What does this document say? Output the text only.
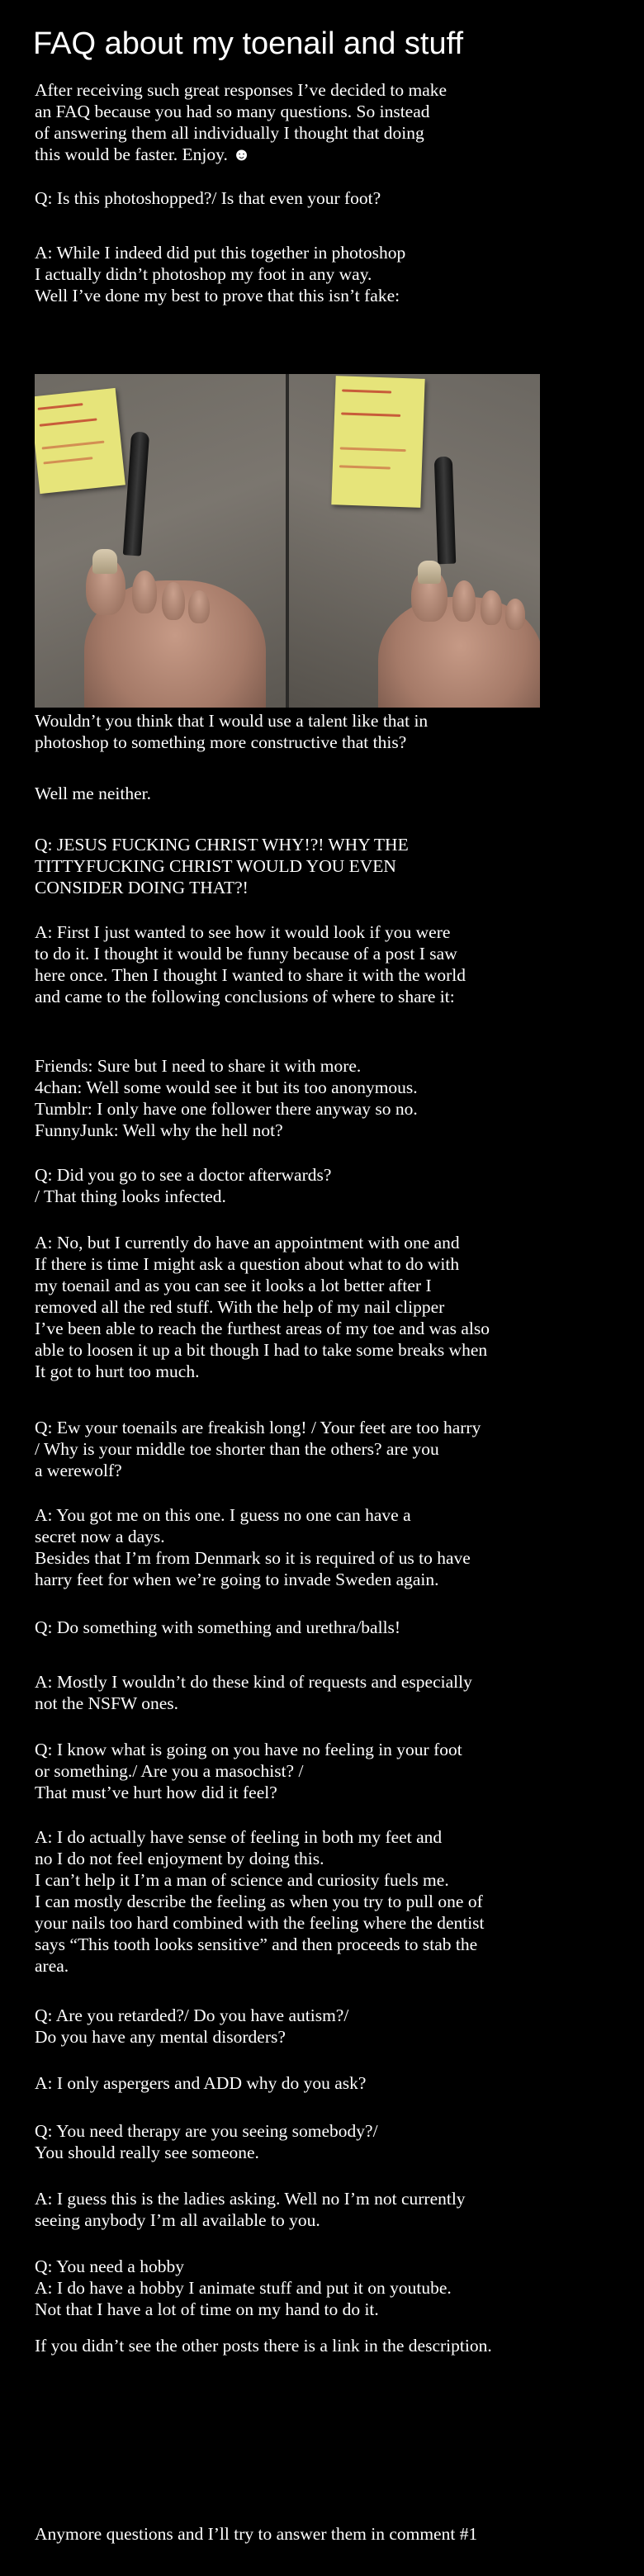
FAQ about my toenail and stuff
After receiving such great responses I’ve decided to make
an FAQ because you had so many questions. So instead
of answering them all individually I thought that doing
this would be faster. Enjoy. ☻
Q: Is this photoshopped?/ Is that even your foot?
A: While I indeed did put this together in photoshop
I actually didn’t photoshop my foot in any way.
Well I’ve done my best to prove that this isn’t fake:
Wouldn’t you think that I would use a talent like that in
photoshop to something more constructive that this?
Well me neither.
Q: JESUS FUCKING CHRIST WHY!?! WHY THE
TITTYFUCKING CHRIST WOULD YOU EVEN
CONSIDER DOING THAT?!
A: First I just wanted to see how it would look if you were
to do it. I thought it would be funny because of a post I saw
here once. Then I thought I wanted to share it with the world
and came to the following conclusions of where to share it:
Friends: Sure but I need to share it with more.
4chan: Well some would see it but its too anonymous.
Tumblr: I only have one follower there anyway so no.
FunnyJunk: Well why the hell not?
Q: Did you go to see a doctor afterwards?
/ That thing looks infected.
A: No, but I currently do have an appointment with one and
If there is time I might ask a question about what to do with
my toenail and as you can see it looks a lot better after I
removed all the red stuff. With the help of my nail clipper
I’ve been able to reach the furthest areas of my toe and was also
able to loosen it up a bit though I had to take some breaks when
It got to hurt too much.
Q: Ew your toenails are freakish long! / Your feet are too harry
/ Why is your middle toe shorter than the others? are you
a werewolf?
A: You got me on this one. I guess no one can have a
secret now a days.
Besides that I’m from Denmark so it is required of us to have
harry feet for when we’re going to invade Sweden again.
Q: Do something with something and urethra/balls!
A: Mostly I wouldn’t do these kind of requests and especially
not the NSFW ones.
Q: I know what is going on you have no feeling in your foot
or something./ Are you a masochist? /
That must’ve hurt how did it feel?
A: I do actually have sense of feeling in both my feet and
no I do not feel enjoyment by doing this.
I can’t help it I’m a man of science and curiosity fuels me.
I can mostly describe the feeling as when you try to pull one of
your nails too hard combined with the feeling where the dentist
says “This tooth looks sensitive” and then proceeds to stab the
area.
Q: Are you retarded?/ Do you have autism?/
Do you have any mental disorders?
A: I only aspergers and ADD why do you ask?
Q: You need therapy are you seeing somebody?/
You should really see someone.
A: I guess this is the ladies asking. Well no I’m not currently
seeing anybody I’m all available to you.
Q: You need a hobby
A: I do have a hobby I animate stuff and put it on youtube.
Not that I have a lot of time on my hand to do it.
If you didn’t see the other posts there is a link in the description.
Anymore questions and I’ll try to answer them in comment #1
